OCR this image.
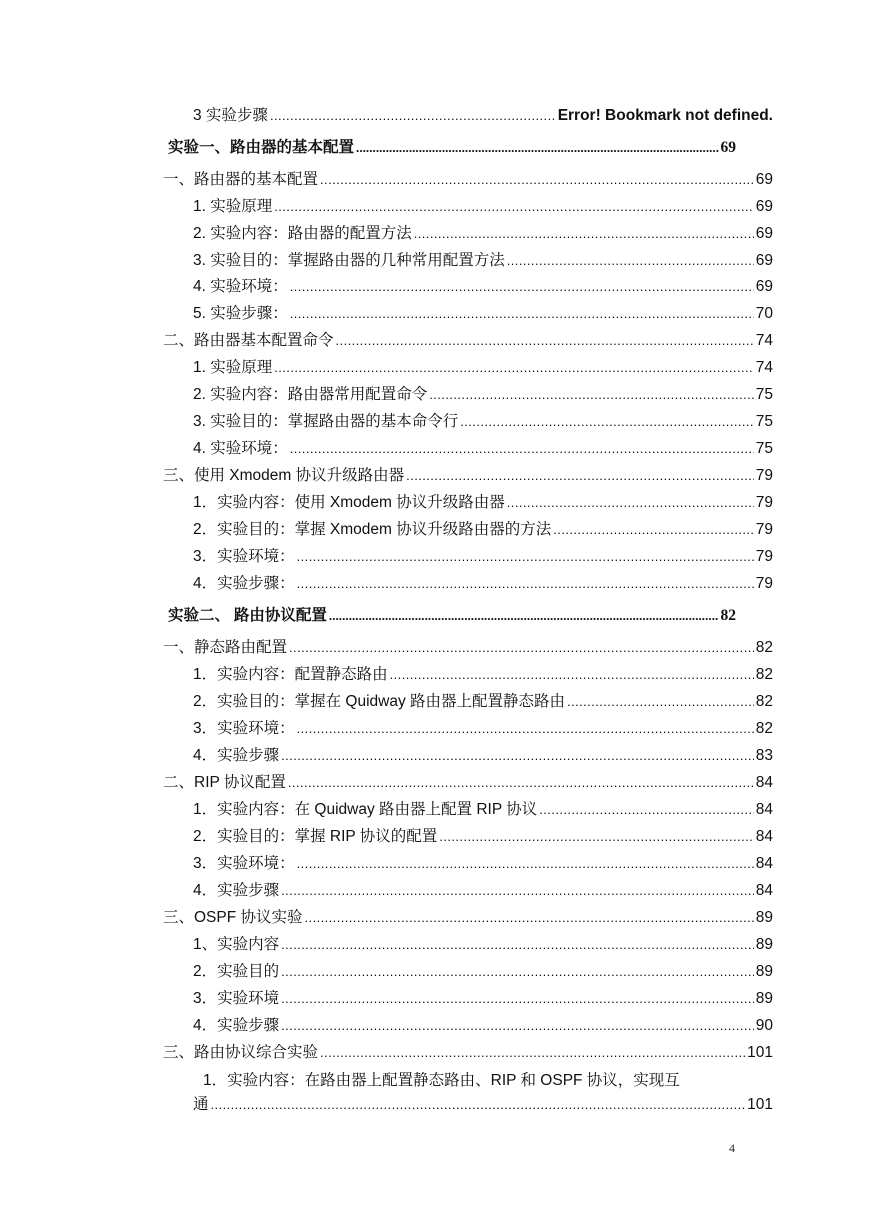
3 实验步骤 . . .	Error! Bookmark not defined.
实验一、路由器的基本配置 . . .	69
一、路由器的基本配置 . . .	69
1. 实验原理 . . .	69
2. 实验内容：路由器的配置方法 . . .	69
3. 实验目的：掌握路由器的几种常用配置方法 . . .	69
4. 实验环境： . . .	69
5. 实验步骤： . . .	70
二、路由器基本配置命令 . . .	74
1. 实验原理 . . .	74
2. 实验内容：路由器常用配置命令 . . .	75
3. 实验目的：掌握路由器的基本命令行 . . .	75
4. 实验环境： . . .	75
三、使用 Xmodem 协议升级路由器 . . .	79
1．实验内容：使用 Xmodem 协议升级路由器 . . .	79
2．实验目的：掌握 Xmodem 协议升级路由器的方法 . . .	79
3．实验环境： . . .	79
4．实验步骤： . . .	79
实验二、 路由协议配置 . . .	82
一、静态路由配置 . . .	82
1．实验内容：配置静态路由 . . .	82
2．实验目的：掌握在 Quidway 路由器上配置静态路由 . . .	82
3．实验环境： . . .	82
4．实验步骤 . . .	83
二、RIP 协议配置 . . .	84
1．实验内容：在 Quidway 路由器上配置 RIP 协议 . . .	84
2．实验目的：掌握 RIP 协议的配置 . . .	84
3．实验环境： . . .	84
4．实验步骤 . . .	84
三、OSPF 协议实验 . . .	89
1、实验内容 . . .	89
2．实验目的 . . .	89
3．实验环境 . . .	89
4．实验步骤 . . .	90
三、路由协议综合实验 . . .	101
1．实验内容：在路由器上配置静态路由、RIP 和 OSPF 协议，实现互
通 . . .	101
4
